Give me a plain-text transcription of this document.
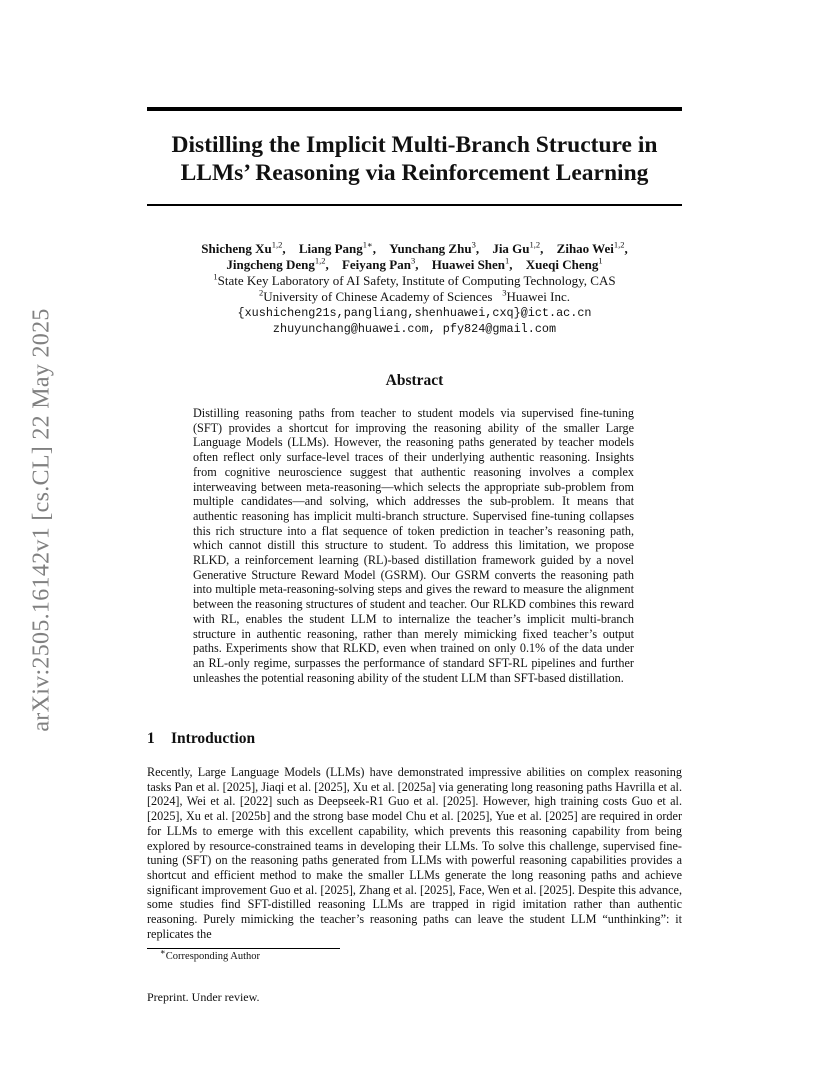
arXiv:2505.16142v1 [cs.CL] 22 May 2025
Distilling the Implicit Multi-Branch Structure in
LLMs’ Reasoning via Reinforcement Learning
Shicheng Xu$^{1,2}$, Liang Pang$^{1∗}$, Yunchang Zhu$^3$, Jia Gu$^{1,2}$, Zihao Wei$^{1,2}$,
Jingcheng Deng$^{1,2}$, Feiyang Pan$^3$, Huawei Shen$^1$, Xueqi Cheng$^1$
$^1$State Key Laboratory of AI Safety, Institute of Computing Technology, CAS
$^2$University of Chinese Academy of Sciences $^3$Huawei Inc.
{xushicheng21s,pangliang,shenhuawei,cxq}@ict.ac.cn
zhuyunchang@huawei.com, pfy824@gmail.com
Abstract
Distilling reasoning paths from teacher to student models via supervised fine-tuning (SFT) provides a shortcut for improving the reasoning ability of the smaller Large Language Models (LLMs). However, the reasoning paths generated by teacher models often reflect only surface-level traces of their underlying authentic reasoning. Insights from cognitive neuroscience suggest that authentic reasoning involves a complex interweaving between meta-reasoning—which selects the appropriate sub-problem from multiple candidates—and solving, which addresses the sub-problem. It means that authentic reasoning has implicit multi-branch structure. Supervised fine-tuning collapses this rich structure into a flat sequence of token prediction in teacher’s reasoning path, which cannot distill this structure to student. To address this limitation, we propose RLKD, a reinforcement learning (RL)-based distillation framework guided by a novel Generative Structure Reward Model (GSRM). Our GSRM converts the reasoning path into multiple meta-reasoning-solving steps and gives the reward to measure the alignment between the reasoning structures of student and teacher. Our RLKD combines this reward with RL, enables the student LLM to internalize the teacher’s implicit multi-branch structure in authentic reasoning, rather than merely mimicking fixed teacher’s output paths. Experiments show that RLKD, even when trained on only 0.1% of the data under an RL-only regime, surpasses the performance of standard SFT-RL pipelines and further unleashes the potential reasoning ability of the student LLM than SFT-based distillation.
1 Introduction
Recently, Large Language Models (LLMs) have demonstrated impressive abilities on complex reasoning tasks Pan et al. [2025], Jiaqi et al. [2025], Xu et al. [2025a] via generating long reasoning paths Havrilla et al. [2024], Wei et al. [2022] such as Deepseek-R1 Guo et al. [2025]. However, high training costs Guo et al. [2025], Xu et al. [2025b] and the strong base model Chu et al. [2025], Yue et al. [2025] are required in order for LLMs to emerge with this excellent capability, which prevents this reasoning capability from being explored by resource-constrained teams in developing their LLMs. To solve this challenge, supervised fine-tuning (SFT) on the reasoning paths generated from LLMs with powerful reasoning capabilities provides a shortcut and efficient method to make the smaller LLMs generate the long reasoning paths and achieve significant improvement Guo et al. [2025], Zhang et al. [2025], Face, Wen et al. [2025]. Despite this advance, some studies find SFT-distilled reasoning LLMs are trapped in rigid imitation rather than authentic reasoning. Purely mimicking the teacher’s reasoning paths can leave the student LLM “unthinking”: it replicates the
∗Corresponding Author
Preprint. Under review.
